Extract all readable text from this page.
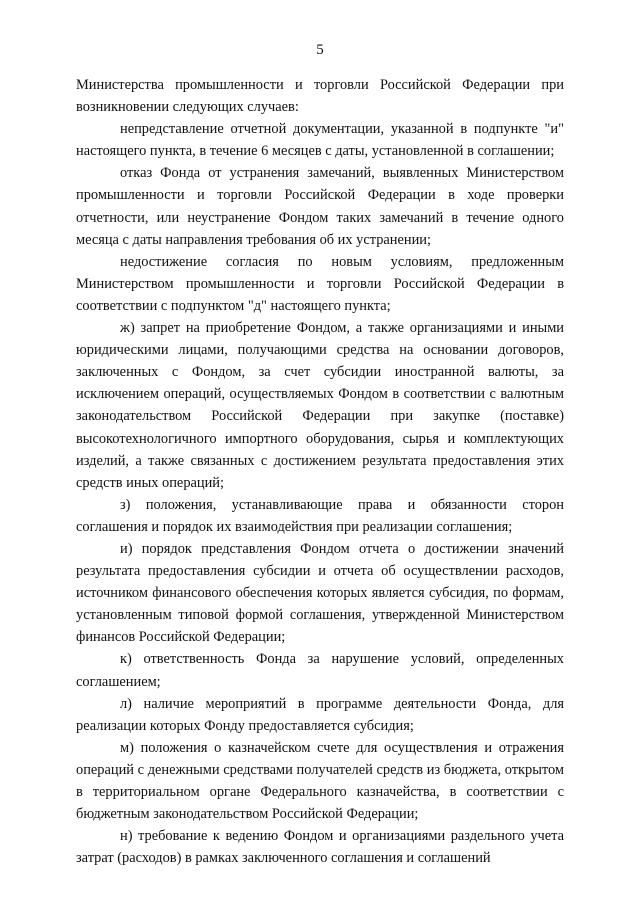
5

Министерства промышленности и торговли Российской Федерации при возникновении следующих случаев:

непредставление отчетной документации, указанной в подпункте "и" настоящего пункта, в течение 6 месяцев с даты, установленной в соглашении;

отказ Фонда от устранения замечаний, выявленных Министерством промышленности и торговли Российской Федерации в ходе проверки отчетности, или неустранение Фондом таких замечаний в течение одного месяца с даты направления требования об их устранении;

недостижение согласия по новым условиям, предложенным Министерством промышленности и торговли Российской Федерации в соответствии с подпунктом "д" настоящего пункта;

ж) запрет на приобретение Фондом, а также организациями и иными юридическими лицами, получающими средства на основании договоров, заключенных с Фондом, за счет субсидии иностранной валюты, за исключением операций, осуществляемых Фондом в соответствии с валютным законодательством Российской Федерации при закупке (поставке) высокотехнологичного импортного оборудования, сырья и комплектующих изделий, а также связанных с достижением результата предоставления этих средств иных операций;

з) положения, устанавливающие права и обязанности сторон соглашения и порядок их взаимодействия при реализации соглашения;

и) порядок представления Фондом отчета о достижении значений результата предоставления субсидии и отчета об осуществлении расходов, источником финансового обеспечения которых является субсидия, по формам, установленным типовой формой соглашения, утвержденной Министерством финансов Российской Федерации;

к) ответственность Фонда за нарушение условий, определенных соглашением;

л) наличие мероприятий в программе деятельности Фонда, для реализации которых Фонду предоставляется субсидия;

м) положения о казначейском счете для осуществления и отражения операций с денежными средствами получателей средств из бюджета, открытом в территориальном органе Федерального казначейства, в соответствии с бюджетным законодательством Российской Федерации;

н) требование к ведению Фондом и организациями раздельного учета затрат (расходов) в рамках заключенного соглашения и соглашений
